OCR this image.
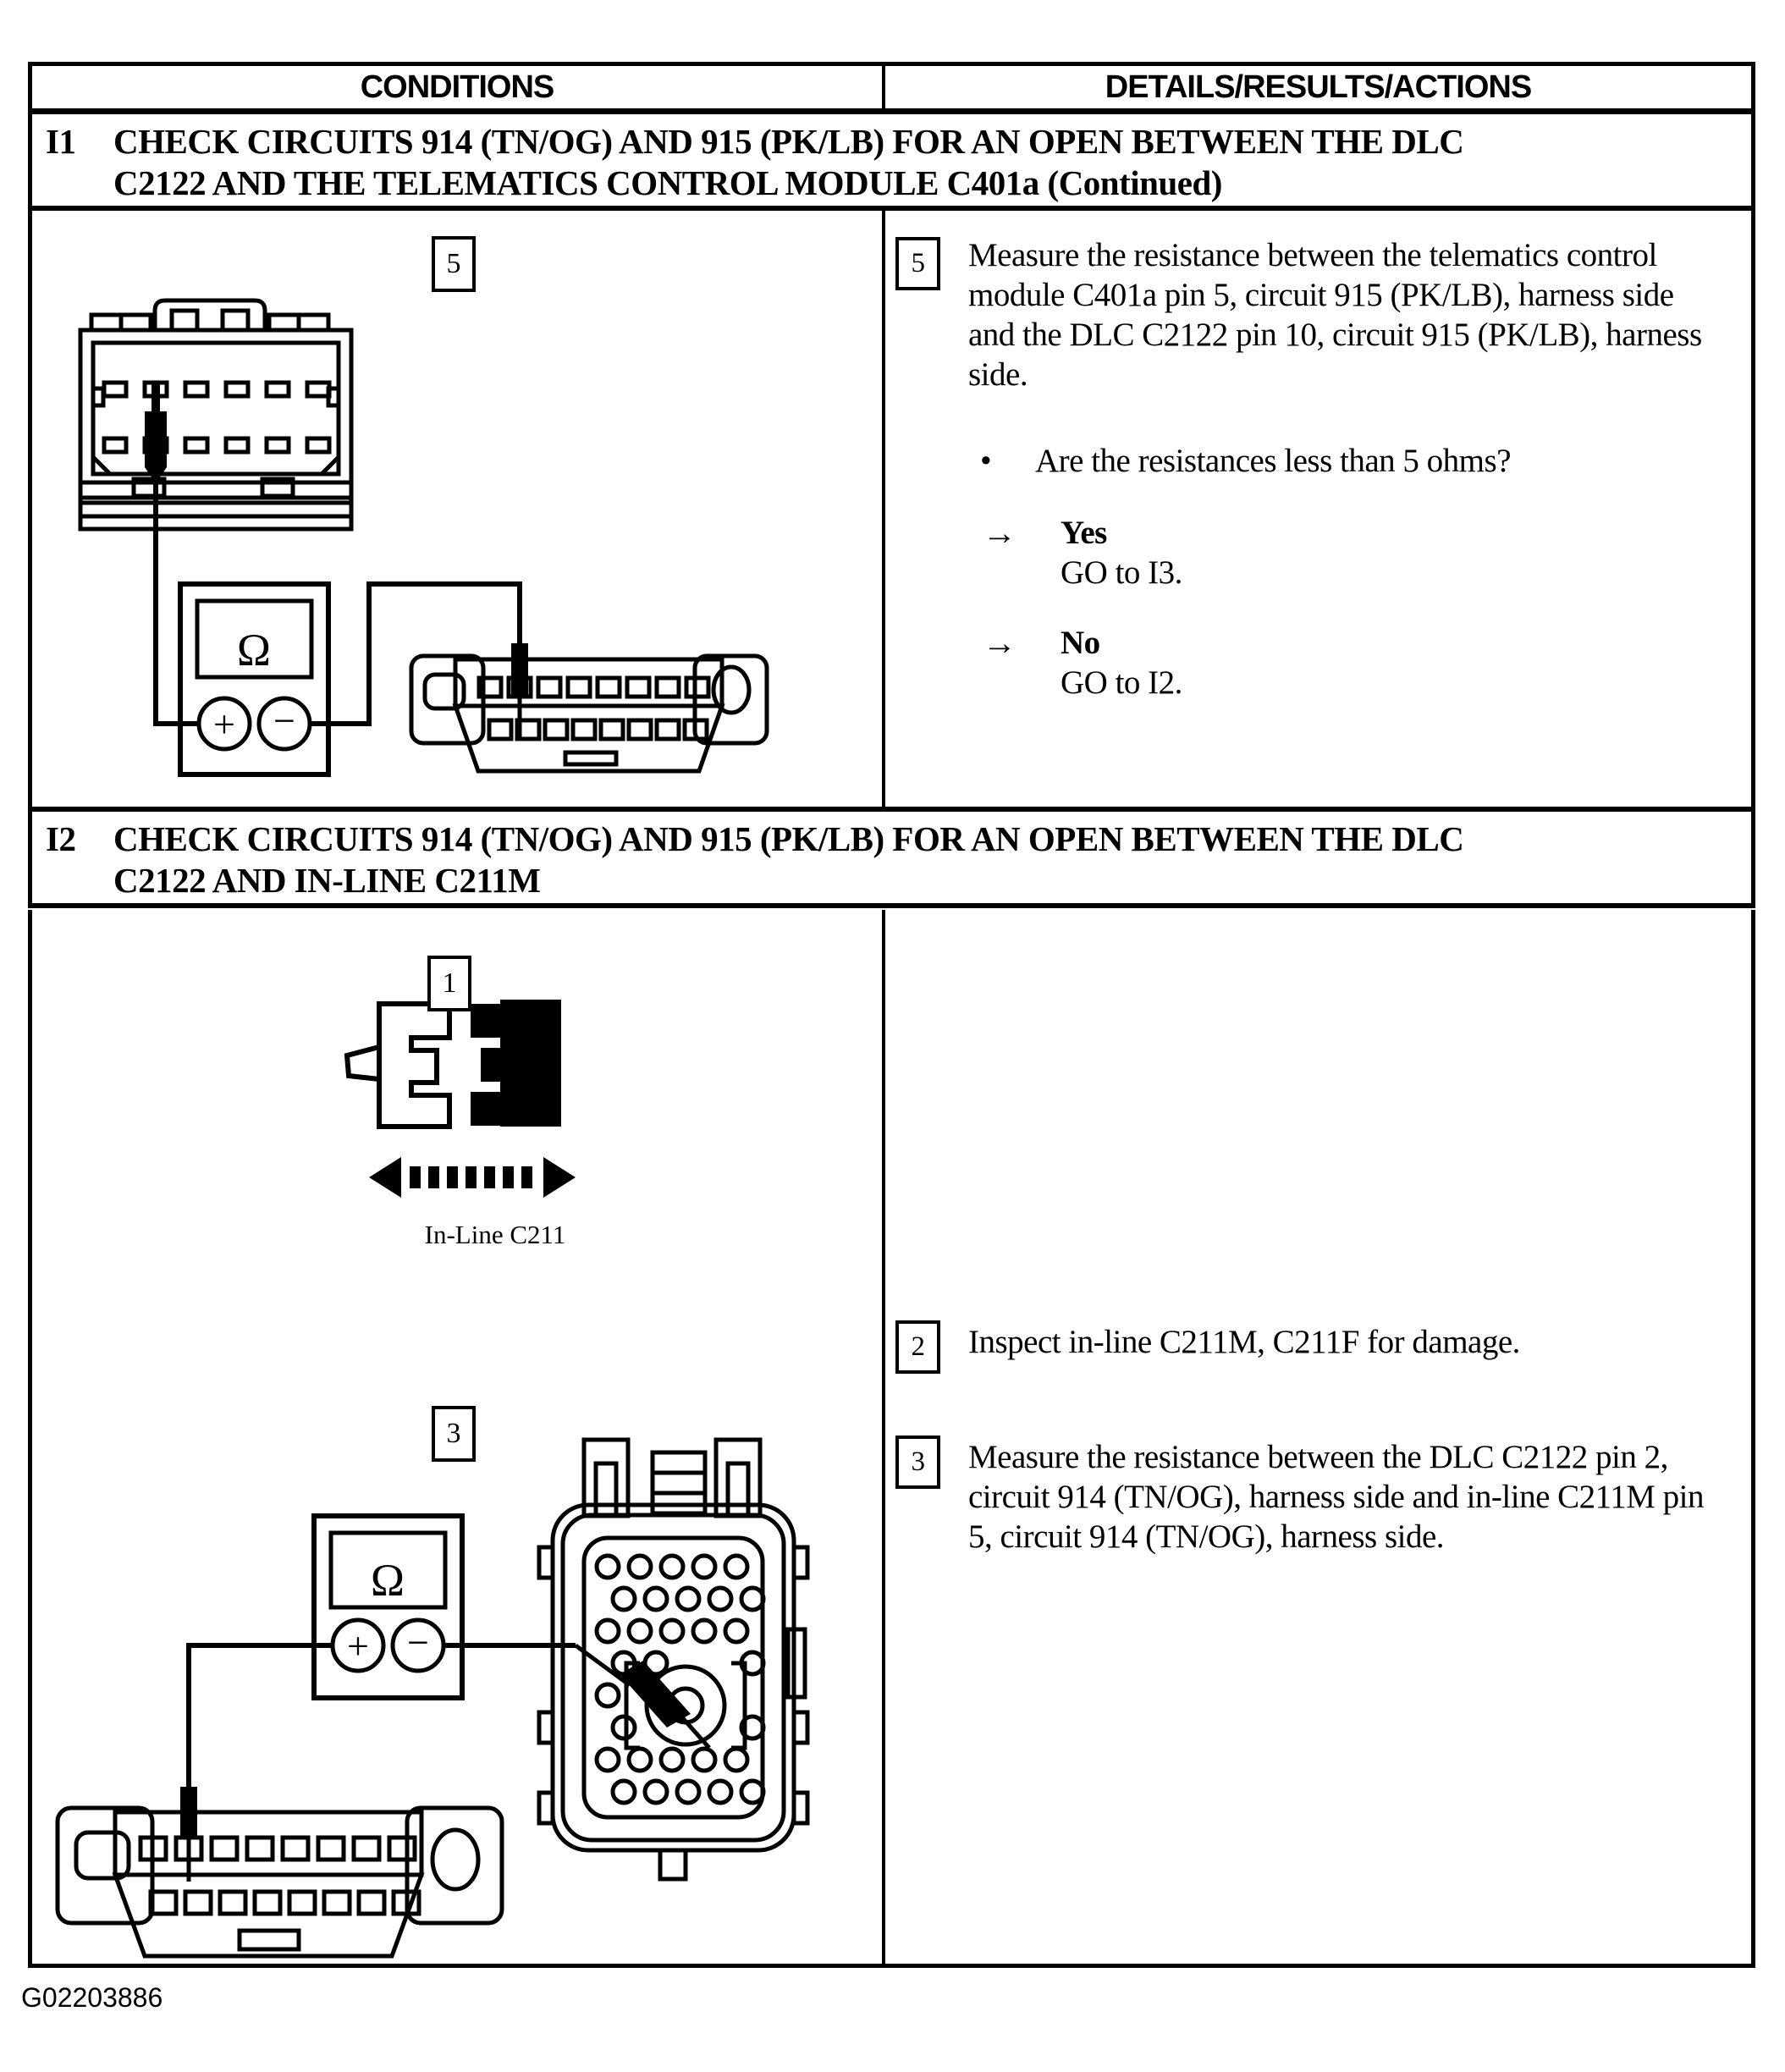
CONDITIONS	DETAILS/RESULTS/ACTIONS
I1	CHECK CIRCUITS 914 (TN/OG) AND 915 (PK/LB) FOR AN OPEN BETWEEN THE DLC C2122 AND THE TELEMATICS CONTROL MODULE C401a (Continued)
Ω
+ −
5	5	Measure the resistance between the telematics control module C401a pin 5, circuit 915 (PK/LB), harness side and the DLC C2122 pin 10, circuit 915 (PK/LB), harness side.
•	Are the resistances less than 5 ohms?
→ Yes
GO to I3.
→ No
GO to I2.
I2	CHECK CIRCUITS 914 (TN/OG) AND 915 (PK/LB) FOR AN OPEN BETWEEN THE DLC C2122 AND IN-LINE C211M
Ω
+ −
1
In-Line C211
3
2	Inspect in-line C211M, C211F for damage.
3	Measure the resistance between the DLC C2122 pin 2, circuit 914 (TN/OG), harness side and in-line C211M pin 5, circuit 914 (TN/OG), harness side.
G02203886
